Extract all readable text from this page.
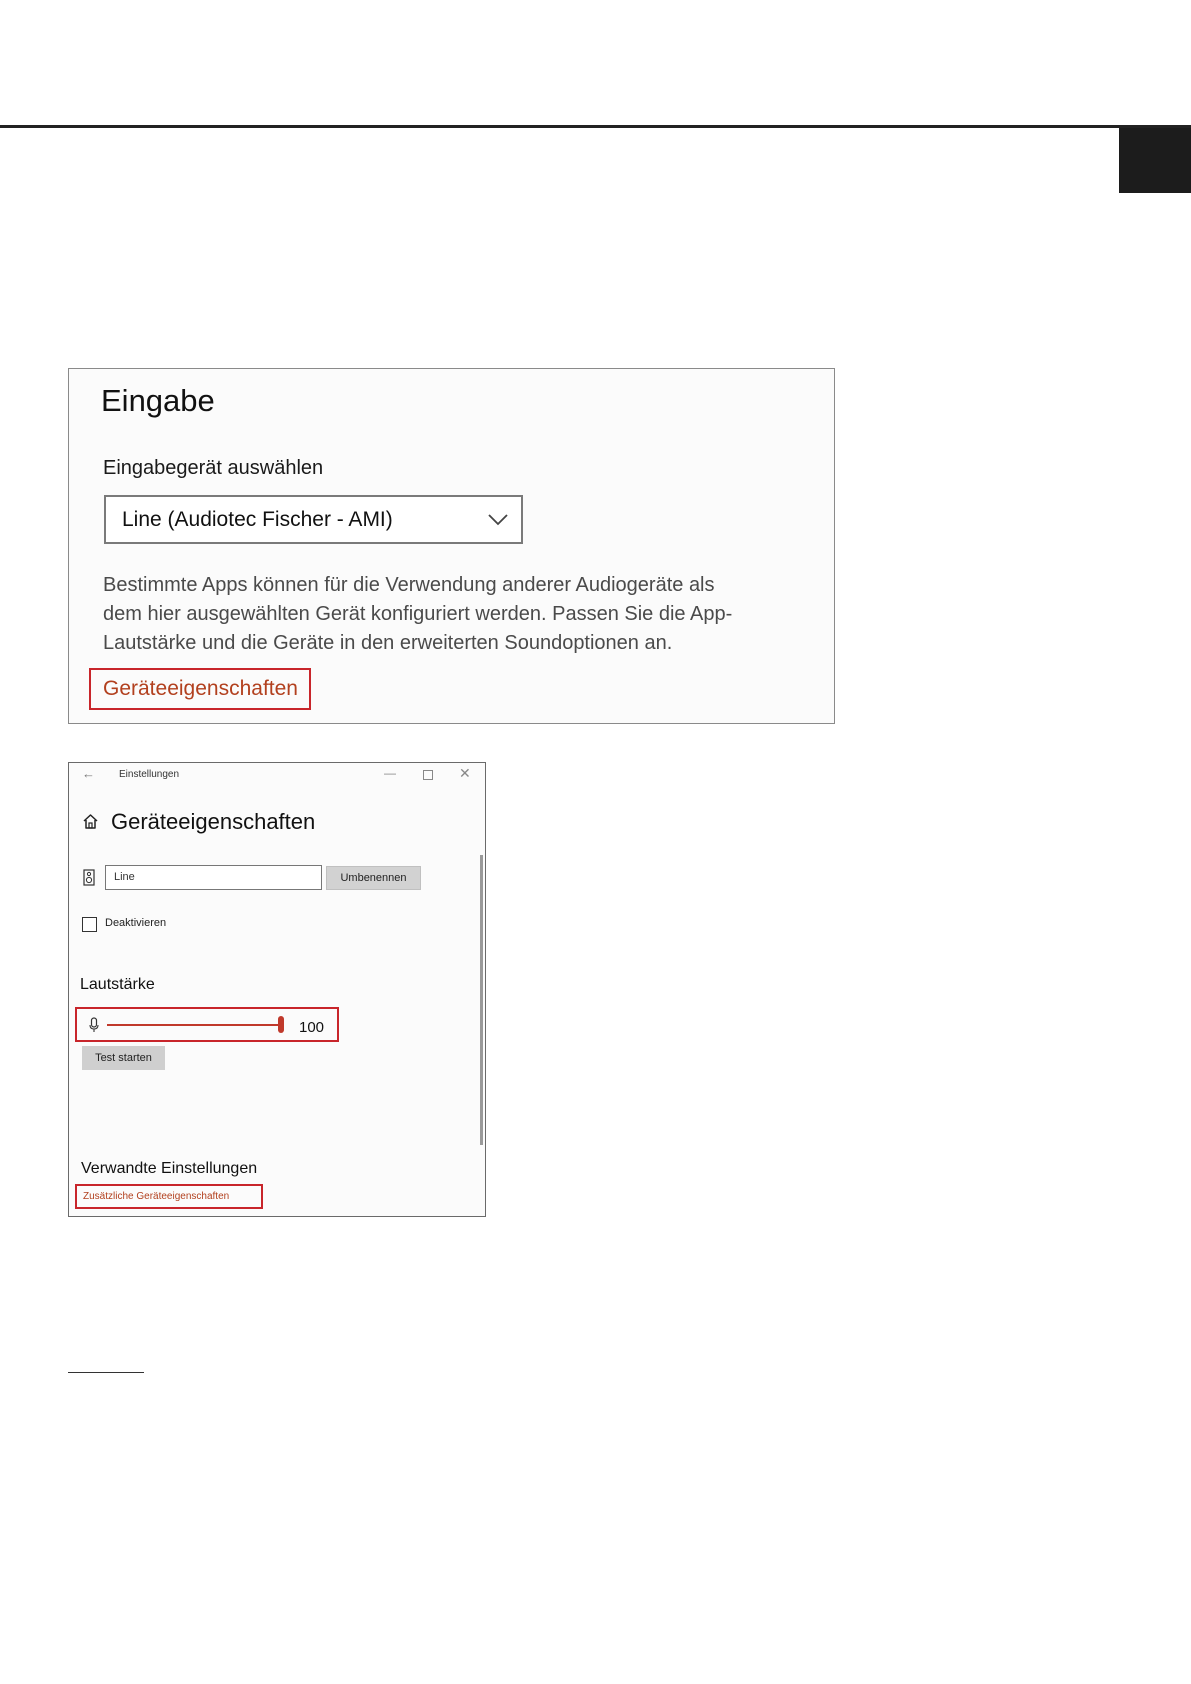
Eingabe
Eingabegerät auswählen
Line (Audiotec Fischer - AMI)
Bestimmte Apps können für die Verwendung anderer Audiogeräte als
dem hier ausgewählten Gerät konfiguriert werden. Passen Sie die App-
Lautstärke und die Geräte in den erweiterten Soundoptionen an.
Geräteeigenschaften
← Einstellungen	—	✕
Geräteeigenschaften
Line
Umbenennen
Deaktivieren
Lautstärke
100
Test starten
Verwandte Einstellungen
Zusätzliche Geräteeigenschaften
